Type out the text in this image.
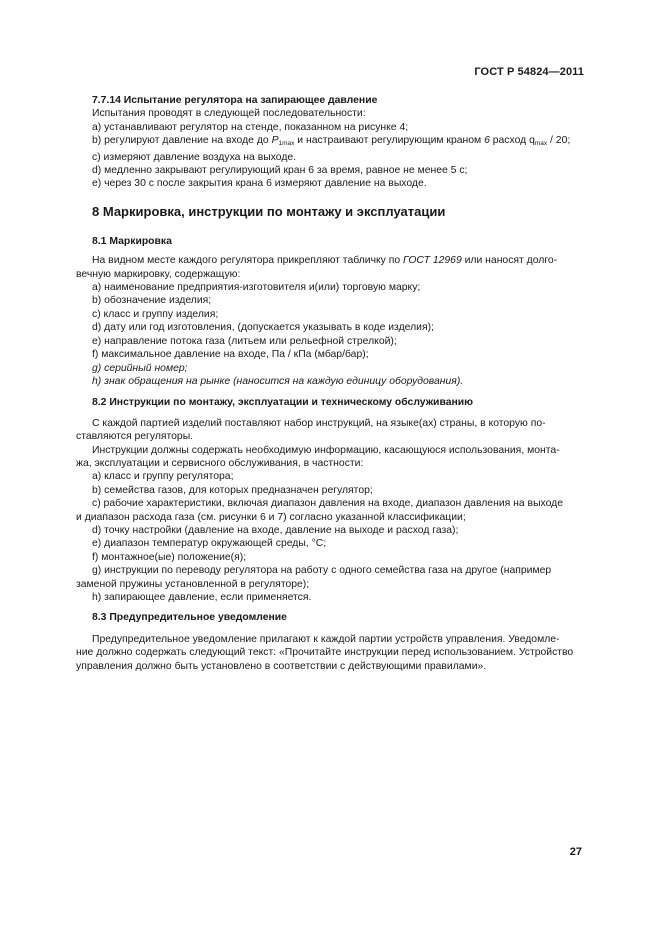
ГОСТ Р 54824—2011
7.7.14 Испытание регулятора на запирающее давление
Испытания проводят в следующей последовательности:
а) устанавливают регулятор на стенде, показанном на рисунке 4;
b) регулируют давление на входе до $P_{1max}$ и настраивают регулирующим краном 6 расход $q_{max} / 20$;
с) измеряют давление воздуха на выходе.
d) медленно закрывают регулирующий кран 6 за время, равное не менее 5 с;
е) через 30 с после закрытия крана 6 измеряют давление на выходе.
8 Маркировка, инструкции по монтажу и эксплуатации
8.1 Маркировка
На видном месте каждого регулятора прикрепляют табличку по ГОСТ 12969 или наносят долго-
вечную маркировку, содержащую:
а) наименование предприятия-изготовителя и(или) торговую марку;
b) обозначение изделия;
с) класс и группу изделия;
d) дату или год изготовления, (допускается указывать в коде изделия);
е) направление потока газа (литьем или рельефной стрелкой);
f) максимальное давление на входе, Па / кПа (мбар/бар);
g) серийный номер;
h) знак обращения на рынке (наносится на каждую единицу оборудования).
8.2 Инструкции по монтажу, эксплуатации и техническому обслуживанию
С каждой партией изделий поставляют набор инструкций, на языке(ах) страны, в которую по-
ставляются регуляторы.
Инструкции должны содержать необходимую информацию, касающуюся использования, монта-
жа, эксплуатации и сервисного обслуживания, в частности:
а) класс и группу регулятора;
b) семейства газов, для которых предназначен регулятор;
с) рабочие характеристики, включая диапазон давления на входе, диапазон давления на выходе
и диапазон расхода газа (см. рисунки 6 и 7) согласно указанной классификации;
d) точку настройки (давление на входе, давление на выходе и расход газа);
е) диапазон температур окружающей среды, °С;
f) монтажное(ые) положение(я);
g) инструкции по переводу регулятора на работу с одного семейства газа на другое (например
заменой пружины установленной в регуляторе);
h) запирающее давление, если применяется.
8.3 Предупредительное уведомление
Предупредительное уведомление прилагают к каждой партии устройств управления. Уведомле-
ние должно содержать следующий текст: «Прочитайте инструкции перед использованием. Устройство
управления должно быть установлено в соответствии с действующими правилами».
27
